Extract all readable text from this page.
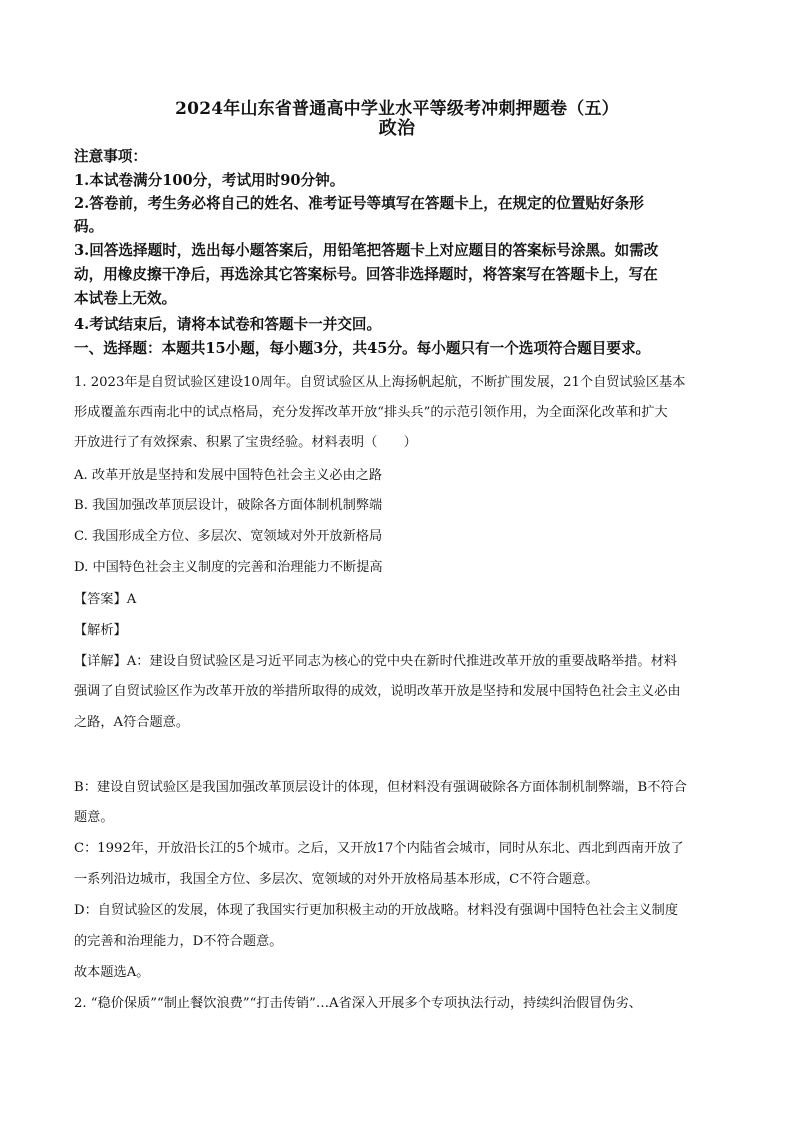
2024年山东省普通高中学业水平等级考冲刺押题卷（五）
政治
注意事项：
1.本试卷满分100分，考试用时90分钟。
2.答卷前，考生务必将自己的姓名、准考证号等填写在答题卡上，在规定的位置贴好条形
码。
3.回答选择题时，选出每小题答案后，用铅笔把答题卡上对应题目的答案标号涂黑。如需改
动，用橡皮擦干净后，再选涂其它答案标号。回答非选择题时，将答案写在答题卡上，写在
本试卷上无效。
4.考试结束后，请将本试卷和答题卡一并交回。
一、选择题：本题共15小题，每小题3分，共45分。每小题只有一个选项符合题目要求。
1. 2023年是自贸试验区建设10周年。自贸试验区从上海扬帆起航，不断扩围发展，21个自贸试验区基本
形成覆盖东西南北中的试点格局，充分发挥改革开放“排头兵”的示范引领作用，为全面深化改革和扩大
开放进行了有效探索、积累了宝贵经验。材料表明（　　）
A. 改革开放是坚持和发展中国特色社会主义必由之路
B. 我国加强改革顶层设计，破除各方面体制机制弊端
C. 我国形成全方位、多层次、宽领域对外开放新格局
D. 中国特色社会主义制度的完善和治理能力不断提高
【答案】A
【解析】
【详解】A：建设自贸试验区是习近平同志为核心的党中央在新时代推进改革开放的重要战略举措。材料
强调了自贸试验区作为改革开放的举措所取得的成效，说明改革开放是坚持和发展中国特色社会主义必由
之路，A符合题意。
B：建设自贸试验区是我国加强改革顶层设计的体现，但材料没有强调破除各方面体制机制弊端，B不符合
题意。
C：1992年，开放沿长江的5个城市。之后，又开放17个内陆省会城市，同时从东北、西北到西南开放了
一系列沿边城市，我国全方位、多层次、宽领域的对外开放格局基本形成，C不符合题意。
D：自贸试验区的发展，体现了我国实行更加积极主动的开放战略。材料没有强调中国特色社会主义制度
的完善和治理能力，D不符合题意。
故本题选A。
2. “稳价保质”“制止餐饮浪费”“打击传销”…A省深入开展多个专项执法行动，持续纠治假冒伪劣、
